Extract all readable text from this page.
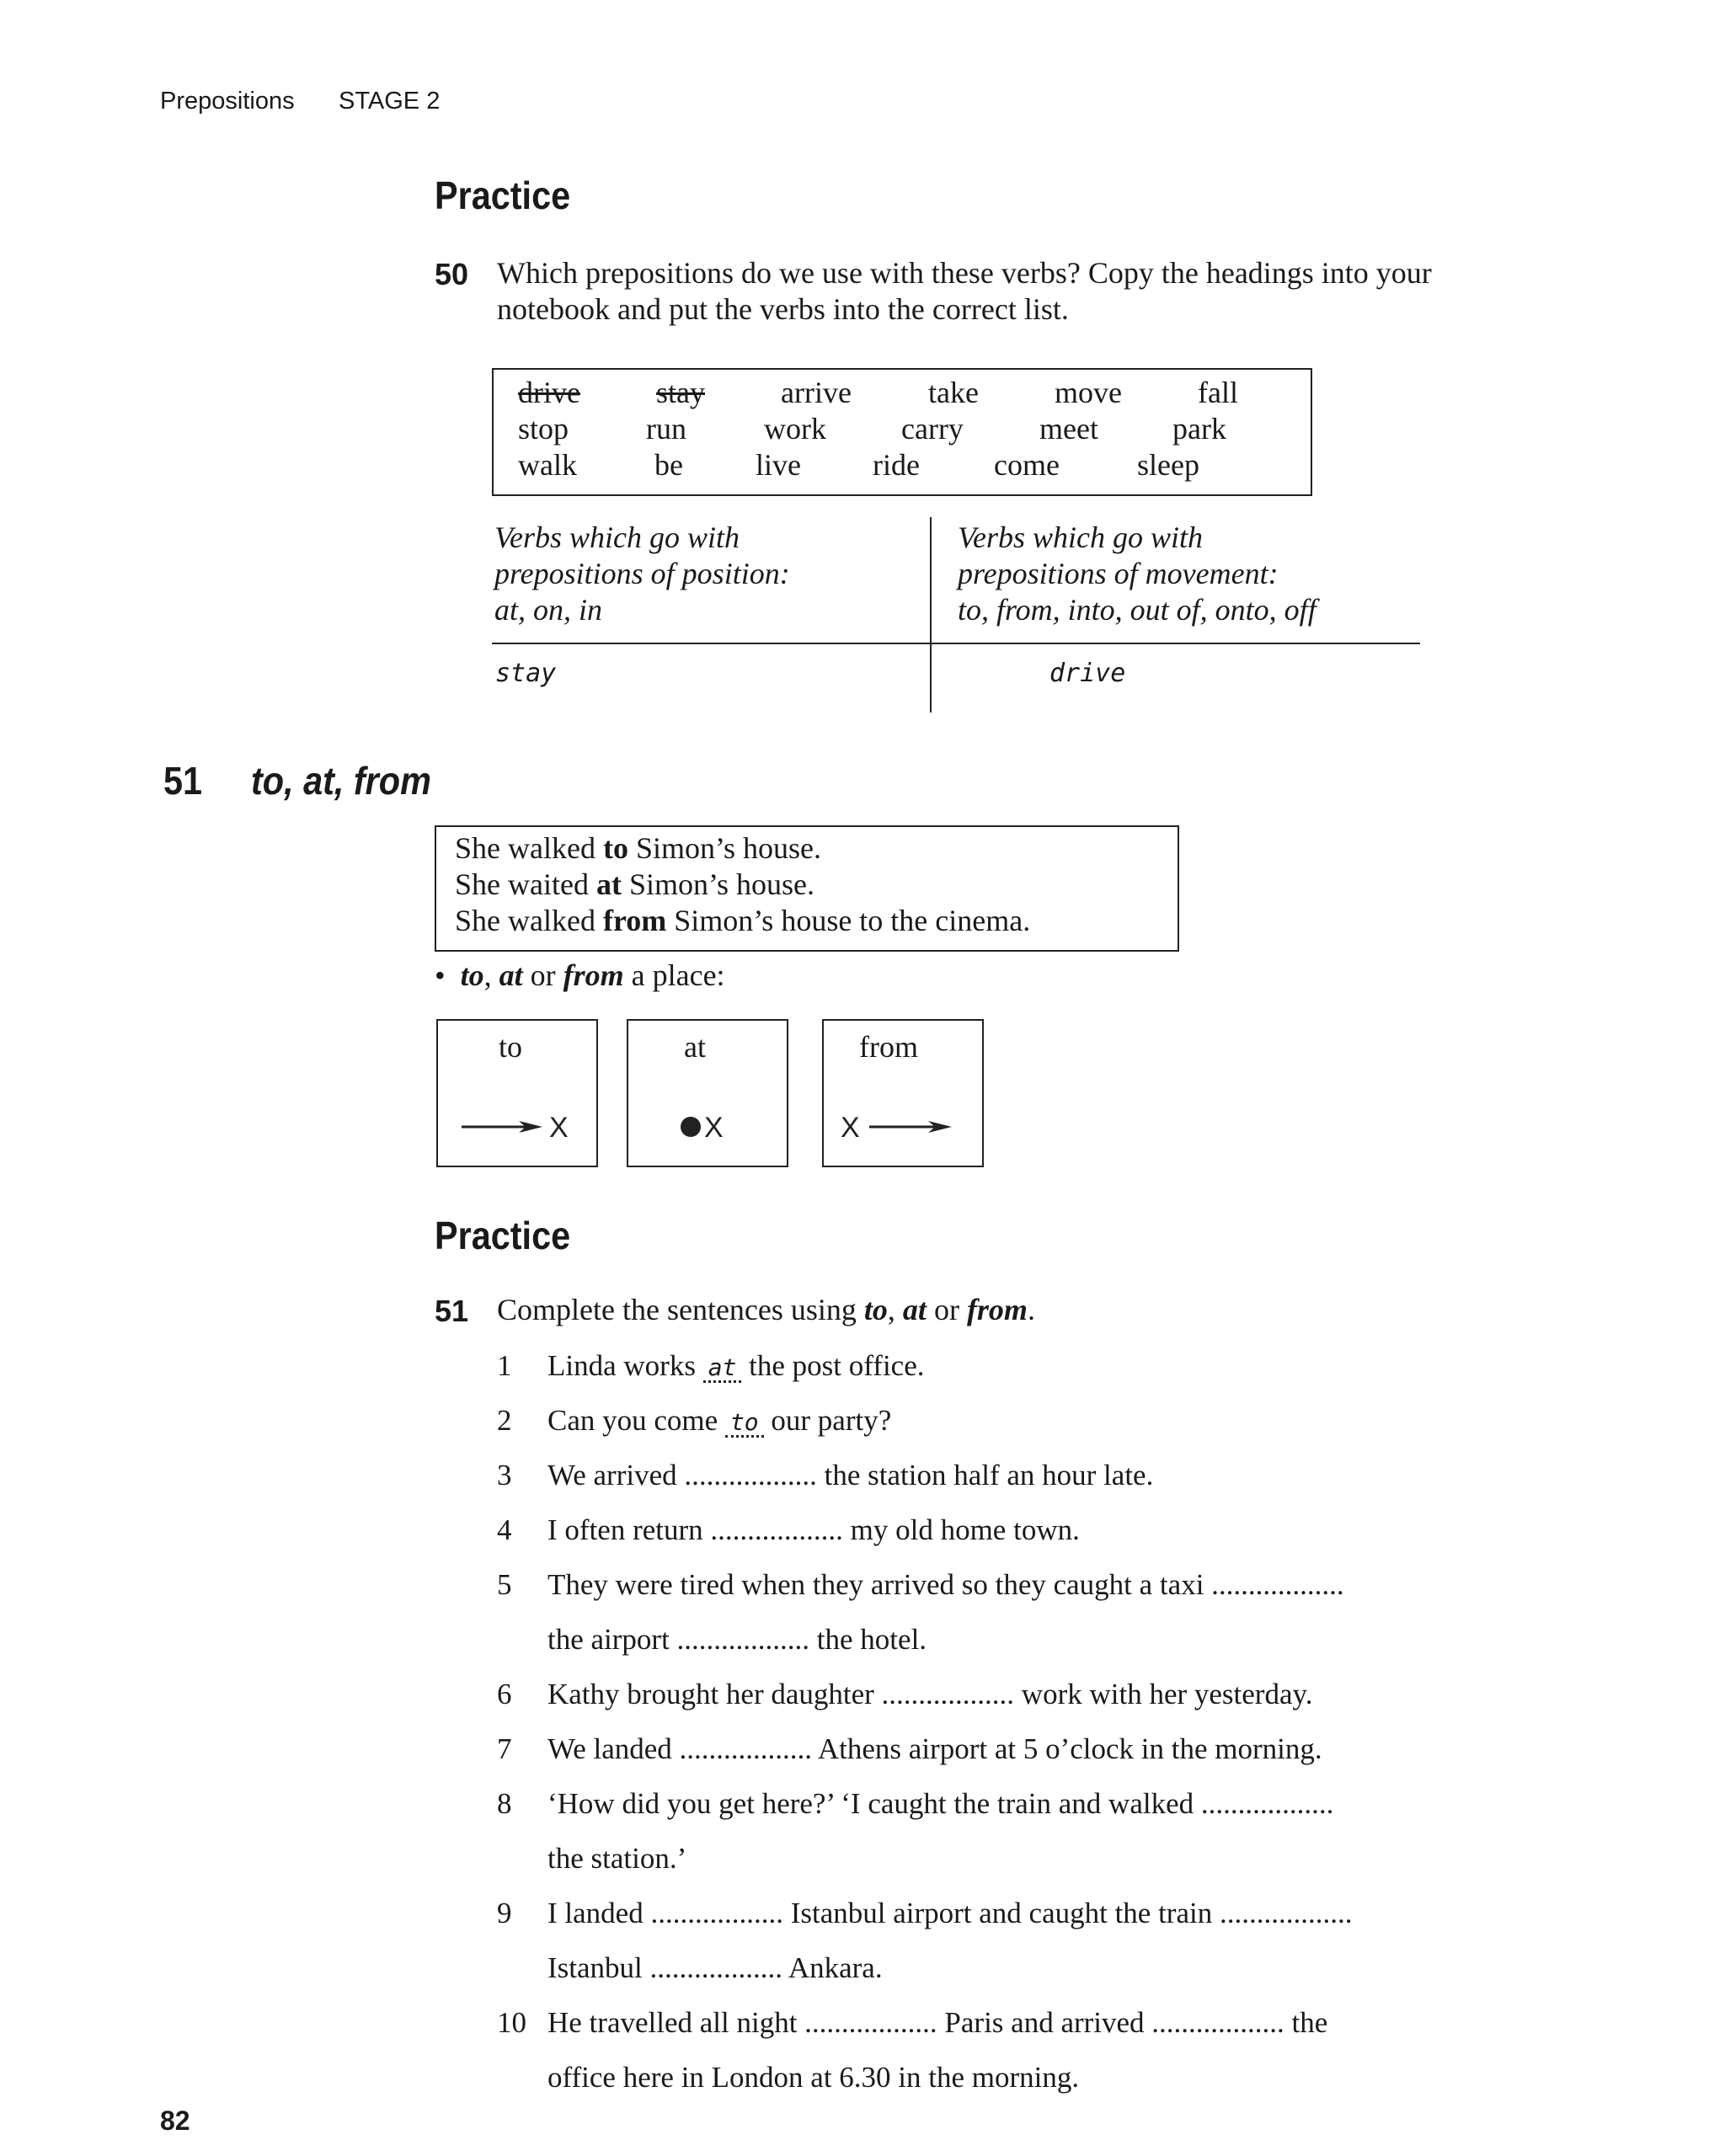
Prepositions STAGE 2
Practice
50 Which prepositions do we use with these verbs? Copy the headings into your
notebook and put the verbs into the correct list.
drive	stay	arrive	take	move	fall
stop	run	work carry	meet park
walk	be live ride come	sleep
Verbs which go with
prepositions of position:
at, on, in
Verbs which go with
prepositions of movement:
to, from, into, out of, onto, off
stay	drive
51 to, at, from
She walked to Simon’s house.
She waited at Simon’s house.
She walked from Simon’s house to the cinema.
•  to, at or from a place:
to
X
at
X
from
X
Practice
51 Complete the sentences using to, at or from.
1 Linda works at the post office.
2 Can you come to our party?
3 We arrived .................. the station half an hour late.
4 I often return .................. my old home town.
5 They were tired when they arrived so they caught a taxi ..................
the airport .................. the hotel.
6 Kathy brought her daughter .................. work with her yesterday.
7 We landed .................. Athens airport at 5 o’clock in the morning.
8 ‘How did you get here?’ ‘I caught the train and walked ..................
the station.’
9 I landed .................. Istanbul airport and caught the train ..................
Istanbul .................. Ankara.
10 He travelled all night .................. Paris and arrived .................. the
office here in London at 6.30 in the morning.
82
